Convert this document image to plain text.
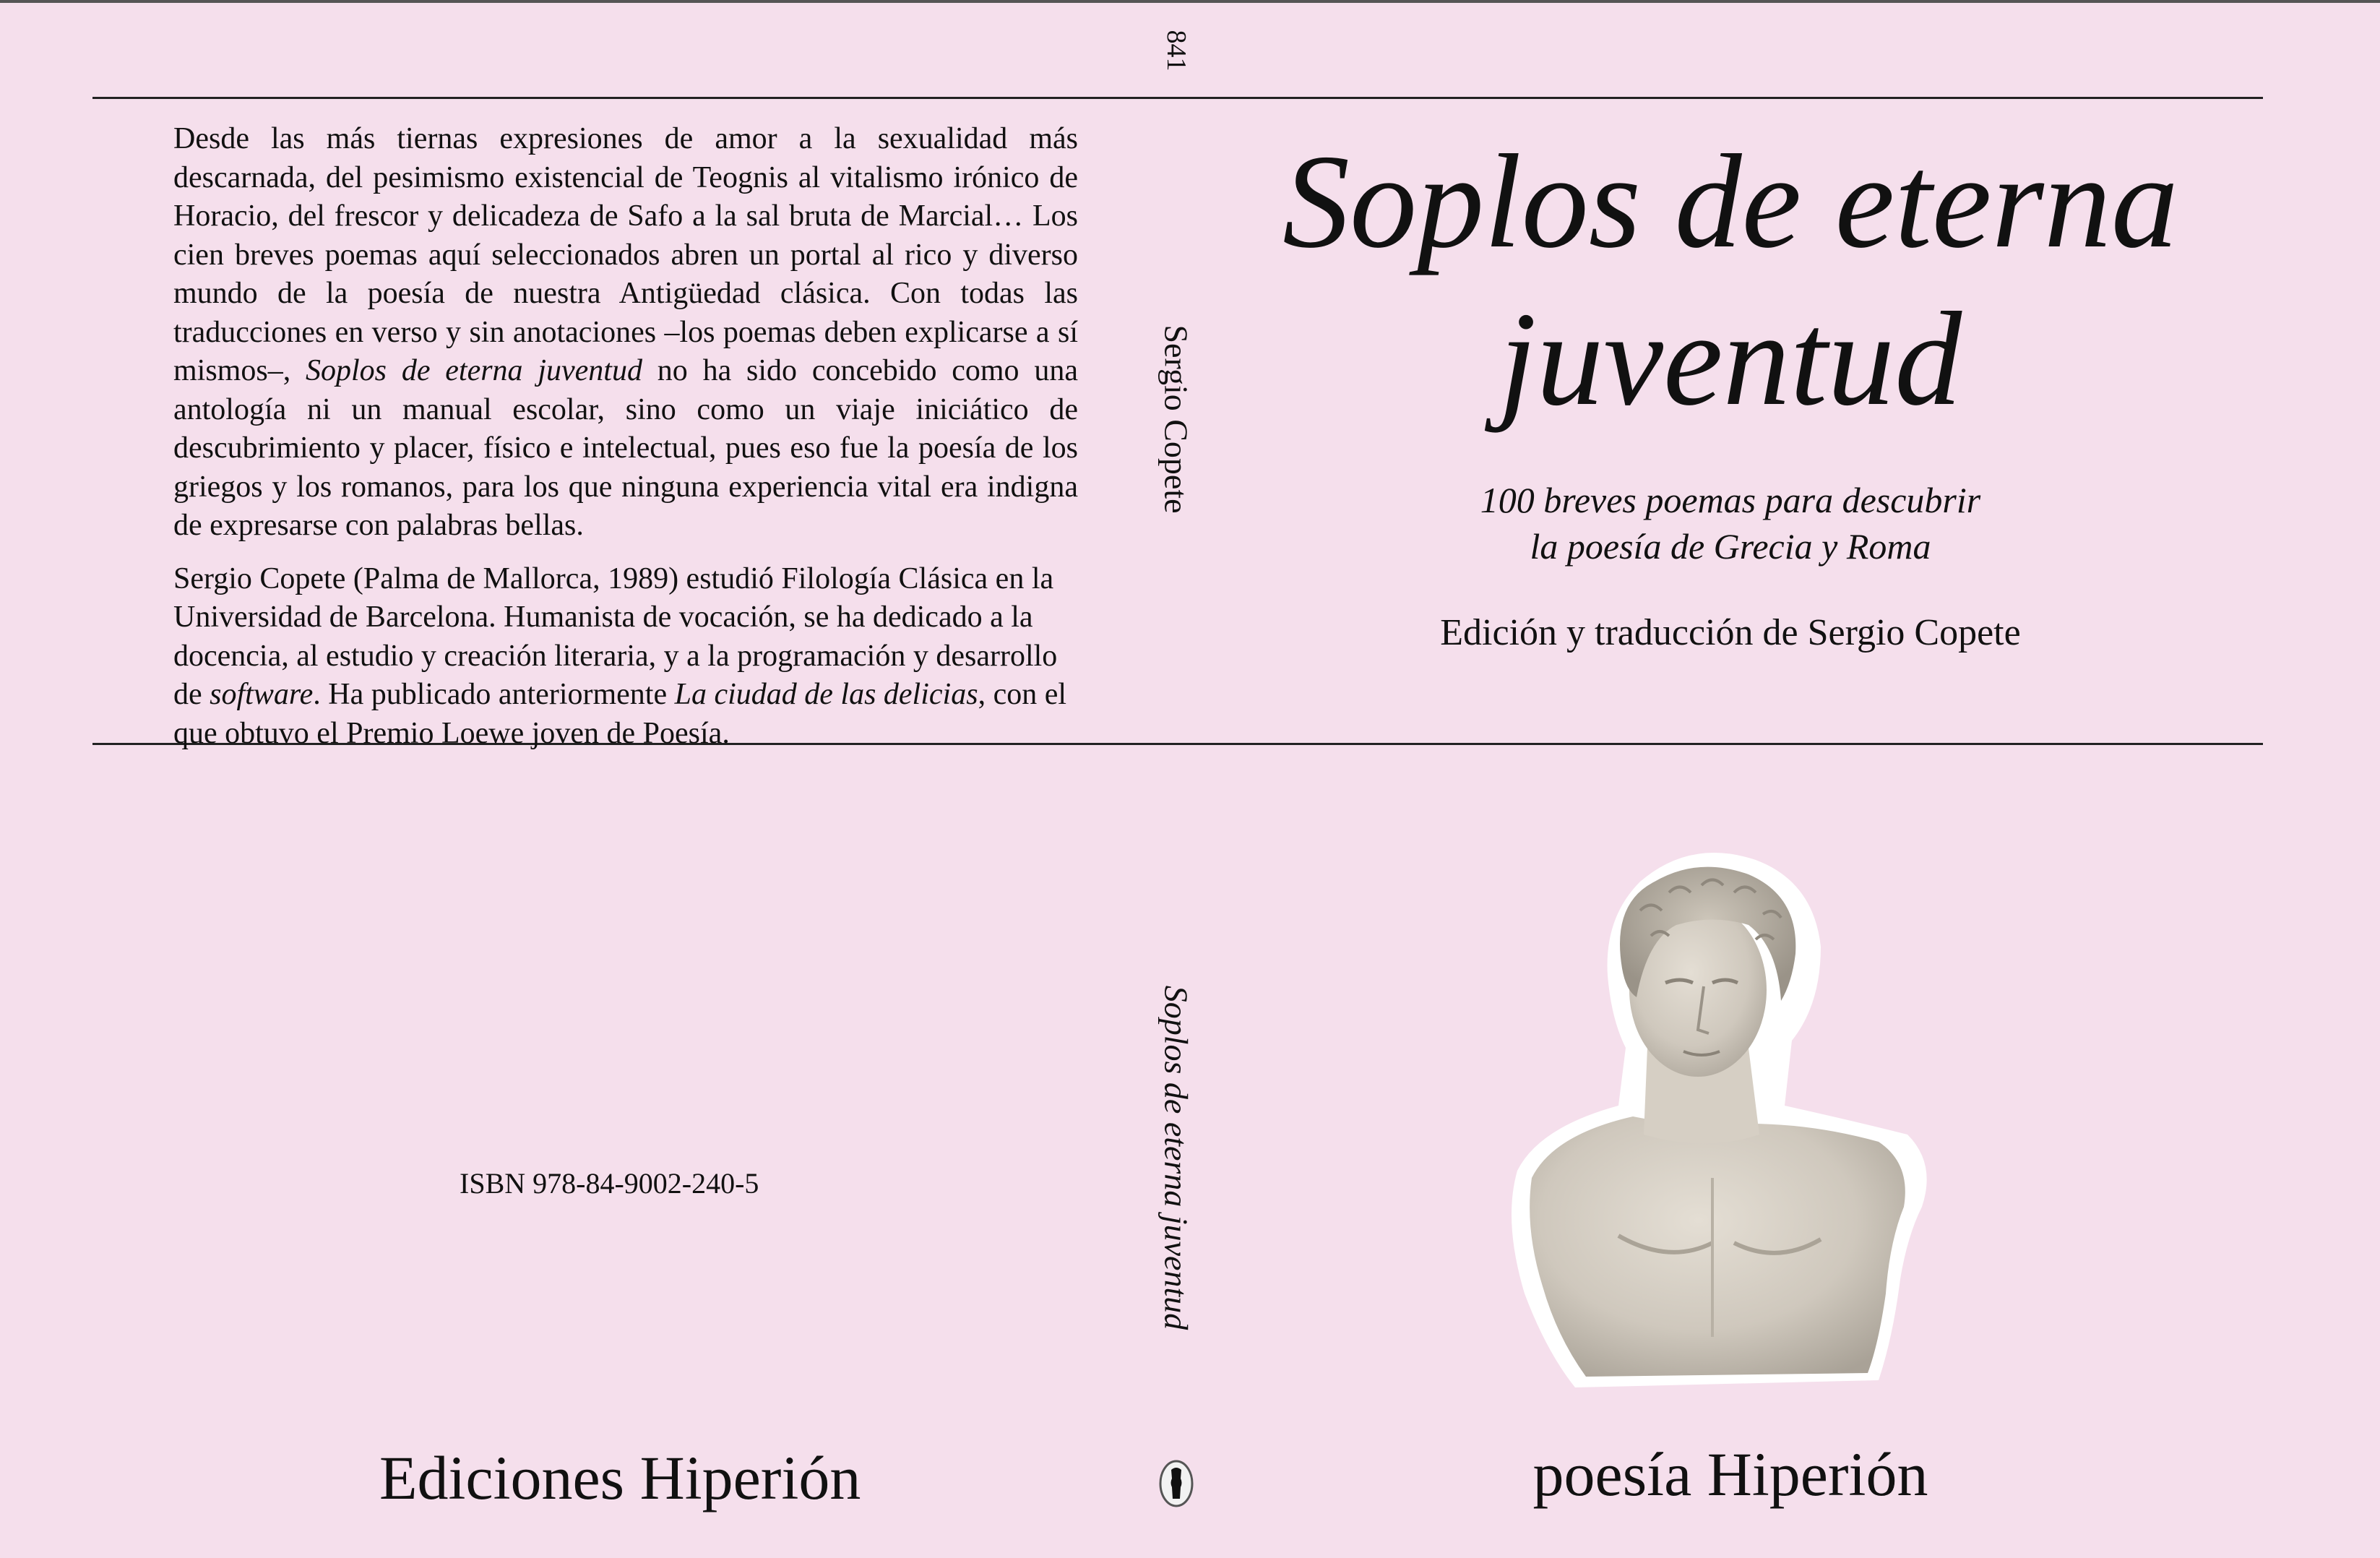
Desde las más tiernas expresiones de amor a la sexualidad más descarnada, del pesimismo existencial de Teognis al vitalismo irónico de Horacio, del frescor y delicadeza de Safo a la sal bruta de Marcial… Los cien breves poemas aquí seleccionados abren un portal al rico y diverso mundo de la poesía de nuestra Antigüedad clásica. Con todas las traducciones en verso y sin anotaciones –los poemas deben explicarse a sí mismos–, Soplos de eterna juventud no ha sido concebido como una antología ni un manual escolar, sino como un viaje iniciático de descubrimiento y placer, físico e intelectual, pues eso fue la poesía de los griegos y los romanos, para los que ninguna experiencia vital era indigna de expresarse con palabras bellas.

Sergio Copete (Palma de Mallorca, 1989) estudió Filología Clásica en la Universidad de Barcelona. Humanista de vocación, se ha dedicado a la docencia, al estudio y creación literaria, y a la programación y desarrollo de software. Ha publicado anteriormente La ciudad de las delicias, con el que obtuvo el Premio Loewe joven de Poesía.

ISBN 978-84-9002-240-5
Ediciones Hiperión
841
Sergio Copete
Soplos de eterna juventud
Soplos de eterna
juventud
100 breves poemas para descubrir
la poesía de Grecia y Roma
Edición y traducción de Sergio Copete
poesía Hiperión
